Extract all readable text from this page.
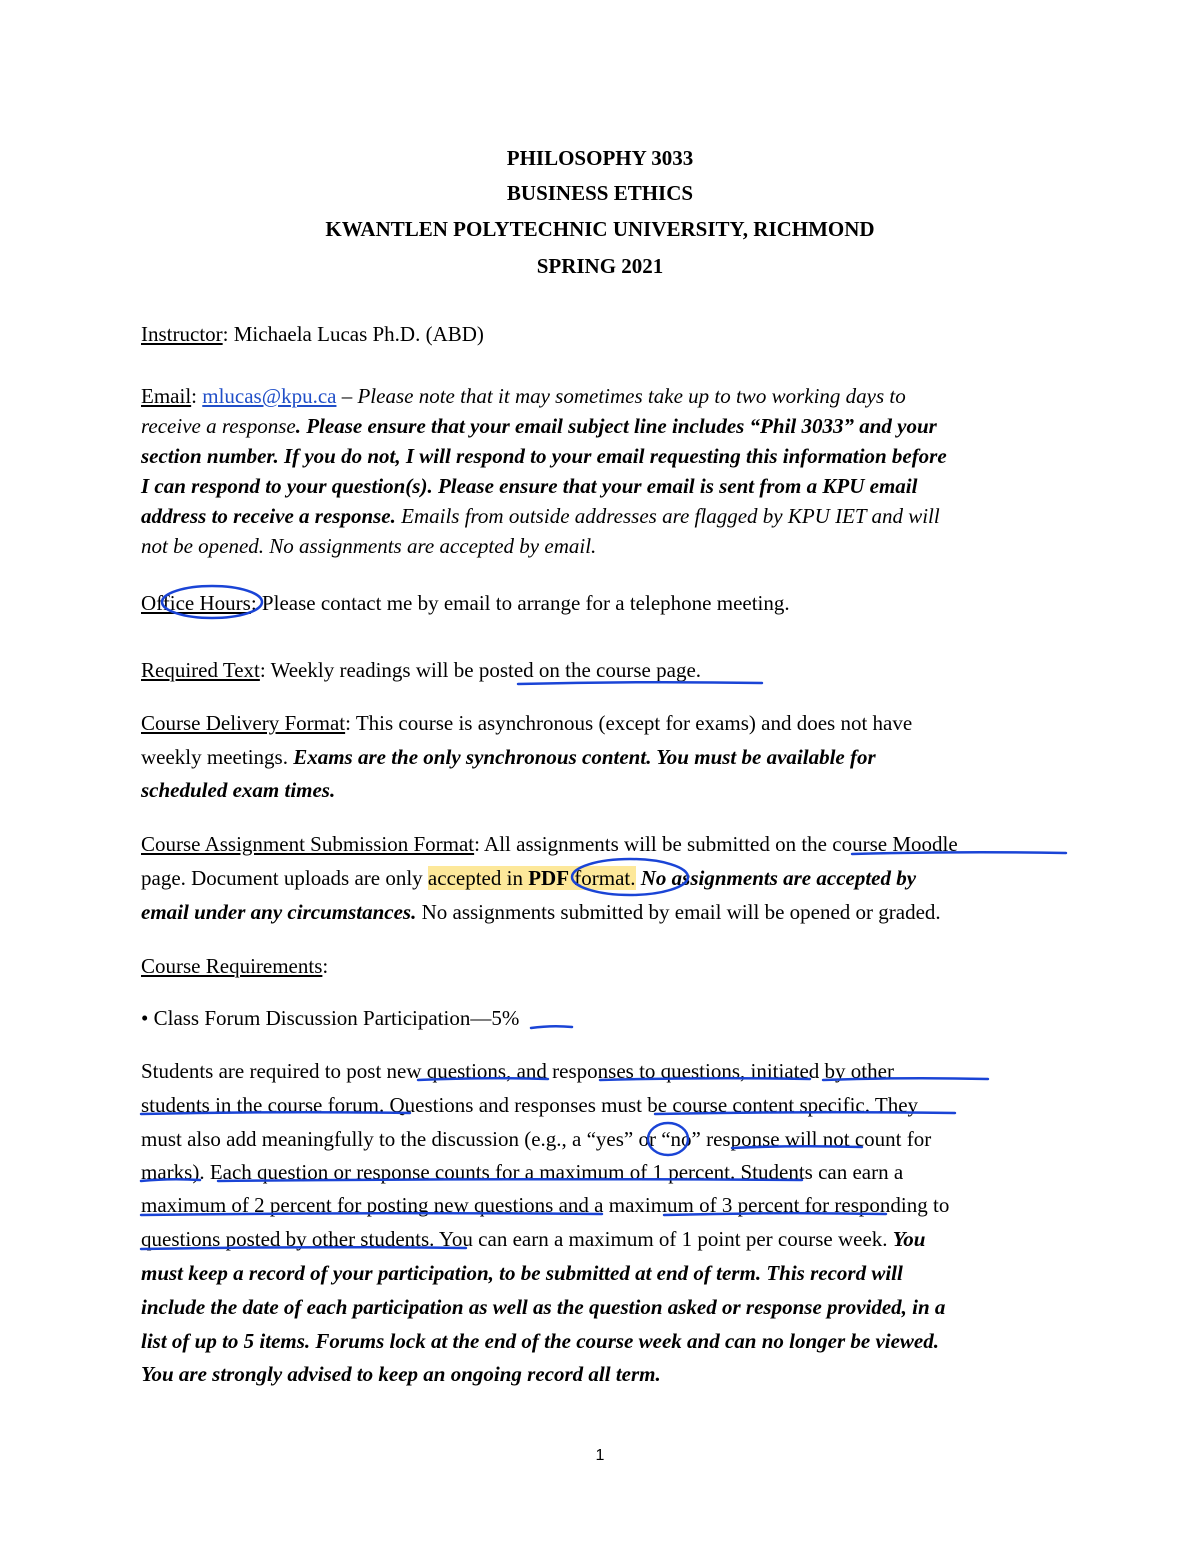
PHILOSOPHY 3033
BUSINESS ETHICS
KWANTLEN POLYTECHNIC UNIVERSITY, RICHMOND
SPRING 2021
Instructor: Michaela Lucas Ph.D. (ABD)
Email: mlucas@kpu.ca – Please note that it may sometimes take up to two working days to
receive a response. Please ensure that your email subject line includes “Phil 3033” and your
section number. If you do not, I will respond to your email requesting this information before
I can respond to your question(s). Please ensure that your email is sent from a KPU email
address to receive a response. Emails from outside addresses are flagged by KPU IET and will
not be opened. No assignments are accepted by email.
Office Hours: Please contact me by email to arrange for a telephone meeting.
Required Text: Weekly readings will be posted on the course page.
Course Delivery Format: This course is asynchronous (except for exams) and does not have
weekly meetings. Exams are the only synchronous content. You must be available for
scheduled exam times.
Course Assignment Submission Format: All assignments will be submitted on the course Moodle
page. Document uploads are only accepted in PDF format. No assignments are accepted by
email under any circumstances. No assignments submitted by email will be opened or graded.
Course Requirements:
• Class Forum Discussion Participation—5%
Students are required to post new questions, and responses to questions, initiated by other
students in the course forum. Questions and responses must be course content specific. They
must also add meaningfully to the discussion (e.g., a “yes” or “no” response will not count for
marks). Each question or response counts for a maximum of 1 percent. Students can earn a
maximum of 2 percent for posting new questions and a maximum of 3 percent for responding to
questions posted by other students. You can earn a maximum of 1 point per course week. You
must keep a record of your participation, to be submitted at end of term. This record will
include the date of each participation as well as the question asked or response provided, in a
list of up to 5 items. Forums lock at the end of the course week and can no longer be viewed.
You are strongly advised to keep an ongoing record all term.
1
